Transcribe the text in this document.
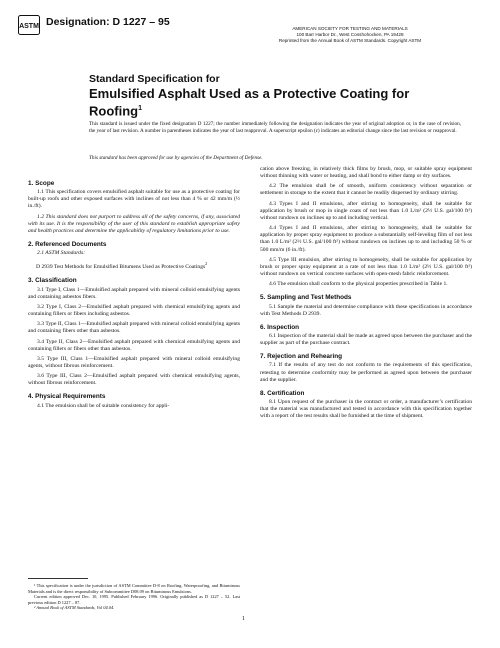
ASTM Designation: D 1227 – 95
AMERICAN SOCIETY FOR TESTING AND MATERIALS
100 Barr Harbor Dr., West Conshohocken, PA 19428
Reprinted from the Annual Book of ASTM Standards. Copyright ASTM
Standard Specification for
Emulsified Asphalt Used as a Protective Coating for
Roofing$^1$
This standard is issued under the fixed designation D 1227; the number immediately following the designation indicates the year of original adoption or, in the case of revision, the year of last revision. A number in parentheses indicates the year of last reapproval. A superscript epsilon (ε) indicates an editorial change since the last revision or reapproval.
This standard has been approved for use by agencies of the Department of Defense.
1. Scope

1.1 This specification covers emulsified asphalt suitable for use as a protective coating for built-up roofs and other exposed surfaces with inclines of not less than 4 % or 42 mm/m (½ in./ft).

1.2 This standard does not purport to address all of the safety concerns, if any, associated with its use. It is the responsibility of the user of this standard to establish appropriate safety and health practices and determine the applicability of regulatory limitations prior to use.

2. Referenced Documents

2.1 ASTM Standards:

D 2939 Test Methods for Emulsified Bitumens Used as Protective Coatings$^2$

3. Classification

3.1 Type I, Class 1—Emulsified asphalt prepared with mineral colloid emulsifying agents and containing asbestos fibers.

3.2 Type I, Class 2—Emulsified asphalt prepared with chemical emulsifying agents and containing fillers or fibers including asbestos.

3.3 Type II, Class 1—Emulsified asphalt prepared with mineral colloid emulsifying agents and containing fibers other than asbestos.

3.4 Type II, Class 2—Emulsified asphalt prepared with chemical emulsifying agents and containing fillers or fibers other than asbestos.

3.5 Type III, Class 1—Emulsified asphalt prepared with mineral colloid emulsifying agents, without fibrous reinforcement.

3.6 Type III, Class 2—Emulsified asphalt prepared with chemical emulsifying agents, without fibrous reinforcement.

4. Physical Requirements

4.1 The emulsion shall be of suitable consistency for appli-

cation above freezing, in relatively thick films by brush, mop, or suitable spray equipment without thinning with water or heating, and shall bond to either damp or dry surfaces.

4.2 The emulsion shall be of smooth, uniform consistency without separation or settlement in storage to the extent that it cannot be readily dispersed by ordinary stirring.

4.3 Types I and II emulsions, after stirring to homogeneity, shall be suitable for application by brush or mop in single coats of not less than 1.0 L/m² (2½ U.S. gal/100 ft²) without rundown on inclines up to and including vertical.

4.4 Types I and II emulsions, after stirring to homogeneity, shall be suitable for application by proper spray equipment to produce a substantially self-leveling film of not less than 1.0 L/m² (2½ U.S. gal/100 ft²) without rundown on inclines up to and including 50 % or 500 mm/m (6 in./ft).

4.5 Type III emulsion, after stirring to homogeneity, shall be suitable for application by brush or proper spray equipment at a rate of not less than 1.0 L/m² (2½ U.S. gal/100 ft²) without rundown on vertical concrete surfaces with open-mesh fabric reinforcement.

4.6 The emulsion shall conform to the physical properties prescribed in Table 1.

5. Sampling and Test Methods

5.1 Sample the material and determine compliance with these specifications in accordance with Test Methods D 2939.

6. Inspection

6.1 Inspection of the material shall be made as agreed upon between the purchaser and the supplier as part of the purchase contract.

7. Rejection and Rehearing

7.1 If the results of any test do not conform to the requirements of this specification, retesting to determine conformity may be performed as agreed upon between the purchaser and the supplier.

8. Certification

8.1 Upon request of the purchaser in the contract or order, a manufacturer’s certification that the material was manufactured and tested in accordance with this specification together with a report of the test results shall be furnished at the time of shipment.

¹ This specification is under the jurisdiction of ASTM Committee D-8 on Roofing, Waterproofing, and Bituminous Materials and is the direct responsibility of Subcommittee D08.09 on Bituminous Emulsions.

Current edition approved Dec. 10, 1995. Published February 1996. Originally published as D 1227 – 52. Last previous edition D 1227 – 87.

² Annual Book of ASTM Standards, Vol 04.04.

1
